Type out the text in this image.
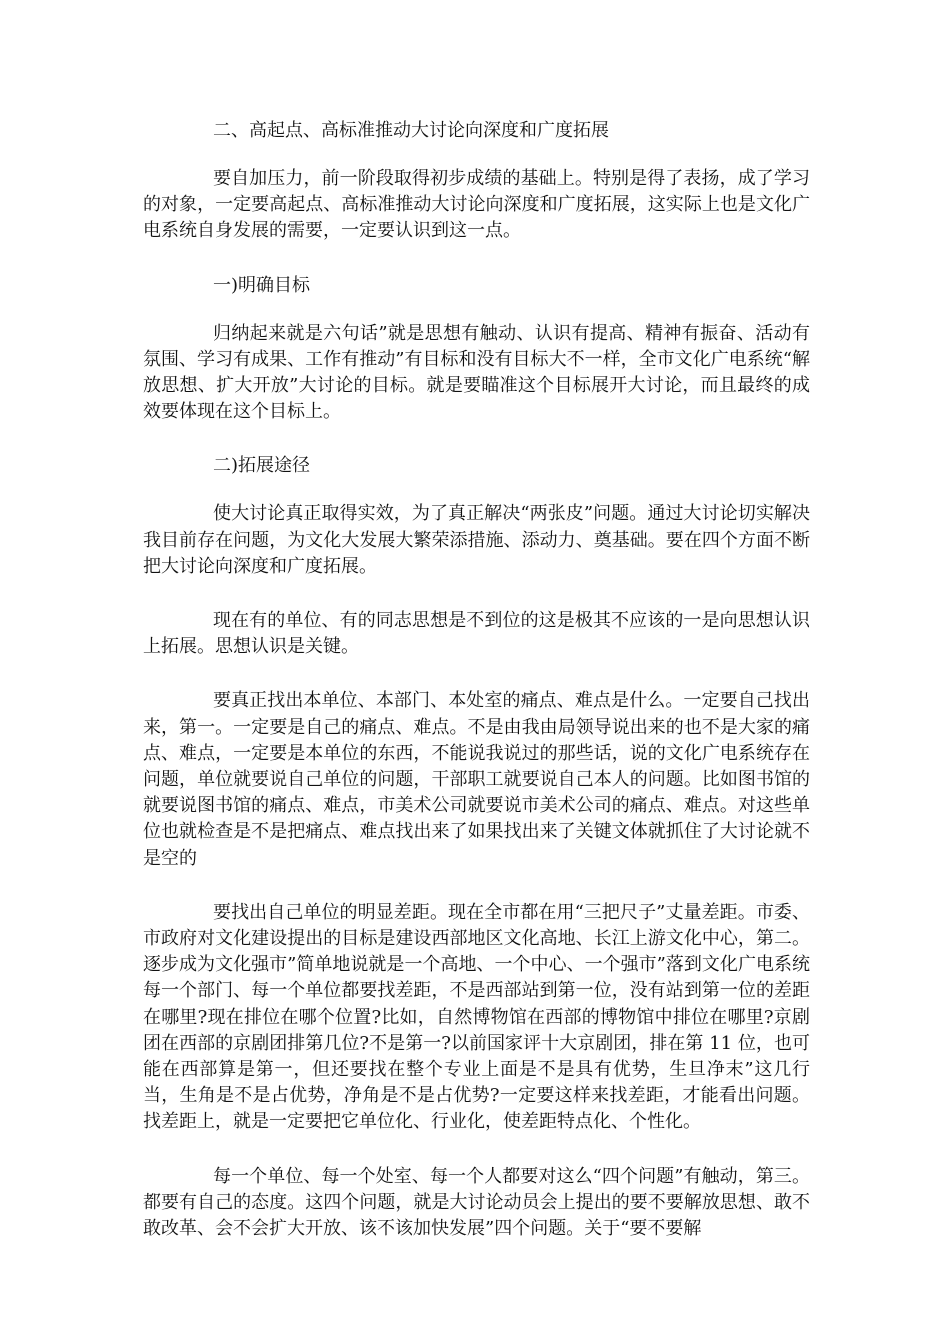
二、高起点、高标准推动大讨论向深度和广度拓展

要自加压力，前一阶段取得初步成绩的基础上。特别是得了表扬，成了学习的对象，一定要高起点、高标准推动大讨论向深度和广度拓展，这实际上也是文化广电系统自身发展的需要，一定要认识到这一点。

一)明确目标

归纳起来就是六句话”就是思想有触动、认识有提高、精神有振奋、活动有氛围、学习有成果、工作有推动”有目标和没有目标大不一样，全市文化广电系统“解放思想、扩大开放”大讨论的目标。就是要瞄准这个目标展开大讨论，而且最终的成效要体现在这个目标上。

二)拓展途径

使大讨论真正取得实效，为了真正解决“两张皮”问题。通过大讨论切实解决我目前存在问题，为文化大发展大繁荣添措施、添动力、奠基础。要在四个方面不断把大讨论向深度和广度拓展。

现在有的单位、有的同志思想是不到位的这是极其不应该的一是向思想认识上拓展。思想认识是关键。

要真正找出本单位、本部门、本处室的痛点、难点是什么。一定要自己找出来，第一。一定要是自己的痛点、难点。不是由我由局领导说出来的也不是大家的痛点、难点，一定要是本单位的东西，不能说我说过的那些话，说的文化广电系统存在问题，单位就要说自己单位的问题，干部职工就要说自己本人的问题。比如图书馆的就要说图书馆的痛点、难点，市美术公司就要说市美术公司的痛点、难点。对这些单位也就检查是不是把痛点、难点找出来了如果找出来了关键文体就抓住了大讨论就不是空的

要找出自己单位的明显差距。现在全市都在用“三把尺子”丈量差距。市委、市政府对文化建设提出的目标是建设西部地区文化高地、长江上游文化中心，第二。逐步成为文化强市”简单地说就是一个高地、一个中心、一个强市”落到文化广电系统每一个部门、每一个单位都要找差距，不是西部站到第一位，没有站到第一位的差距在哪里?现在排位在哪个位置?比如，自然博物馆在西部的博物馆中排位在哪里?京剧团在西部的京剧团排第几位?不是第一?以前国家评十大京剧团，排在第 11 位，也可能在西部算是第一，但还要找在整个专业上面是不是具有优势，生旦净末”这几行当，生角是不是占优势，净角是不是占优势?一定要这样来找差距，才能看出问题。找差距上，就是一定要把它单位化、行业化，使差距特点化、个性化。

每一个单位、每一个处室、每一个人都要对这么“四个问题”有触动，第三。都要有自己的态度。这四个问题，就是大讨论动员会上提出的要不要解放思想、敢不敢改革、会不会扩大开放、该不该加快发展”四个问题。关于“要不要解
